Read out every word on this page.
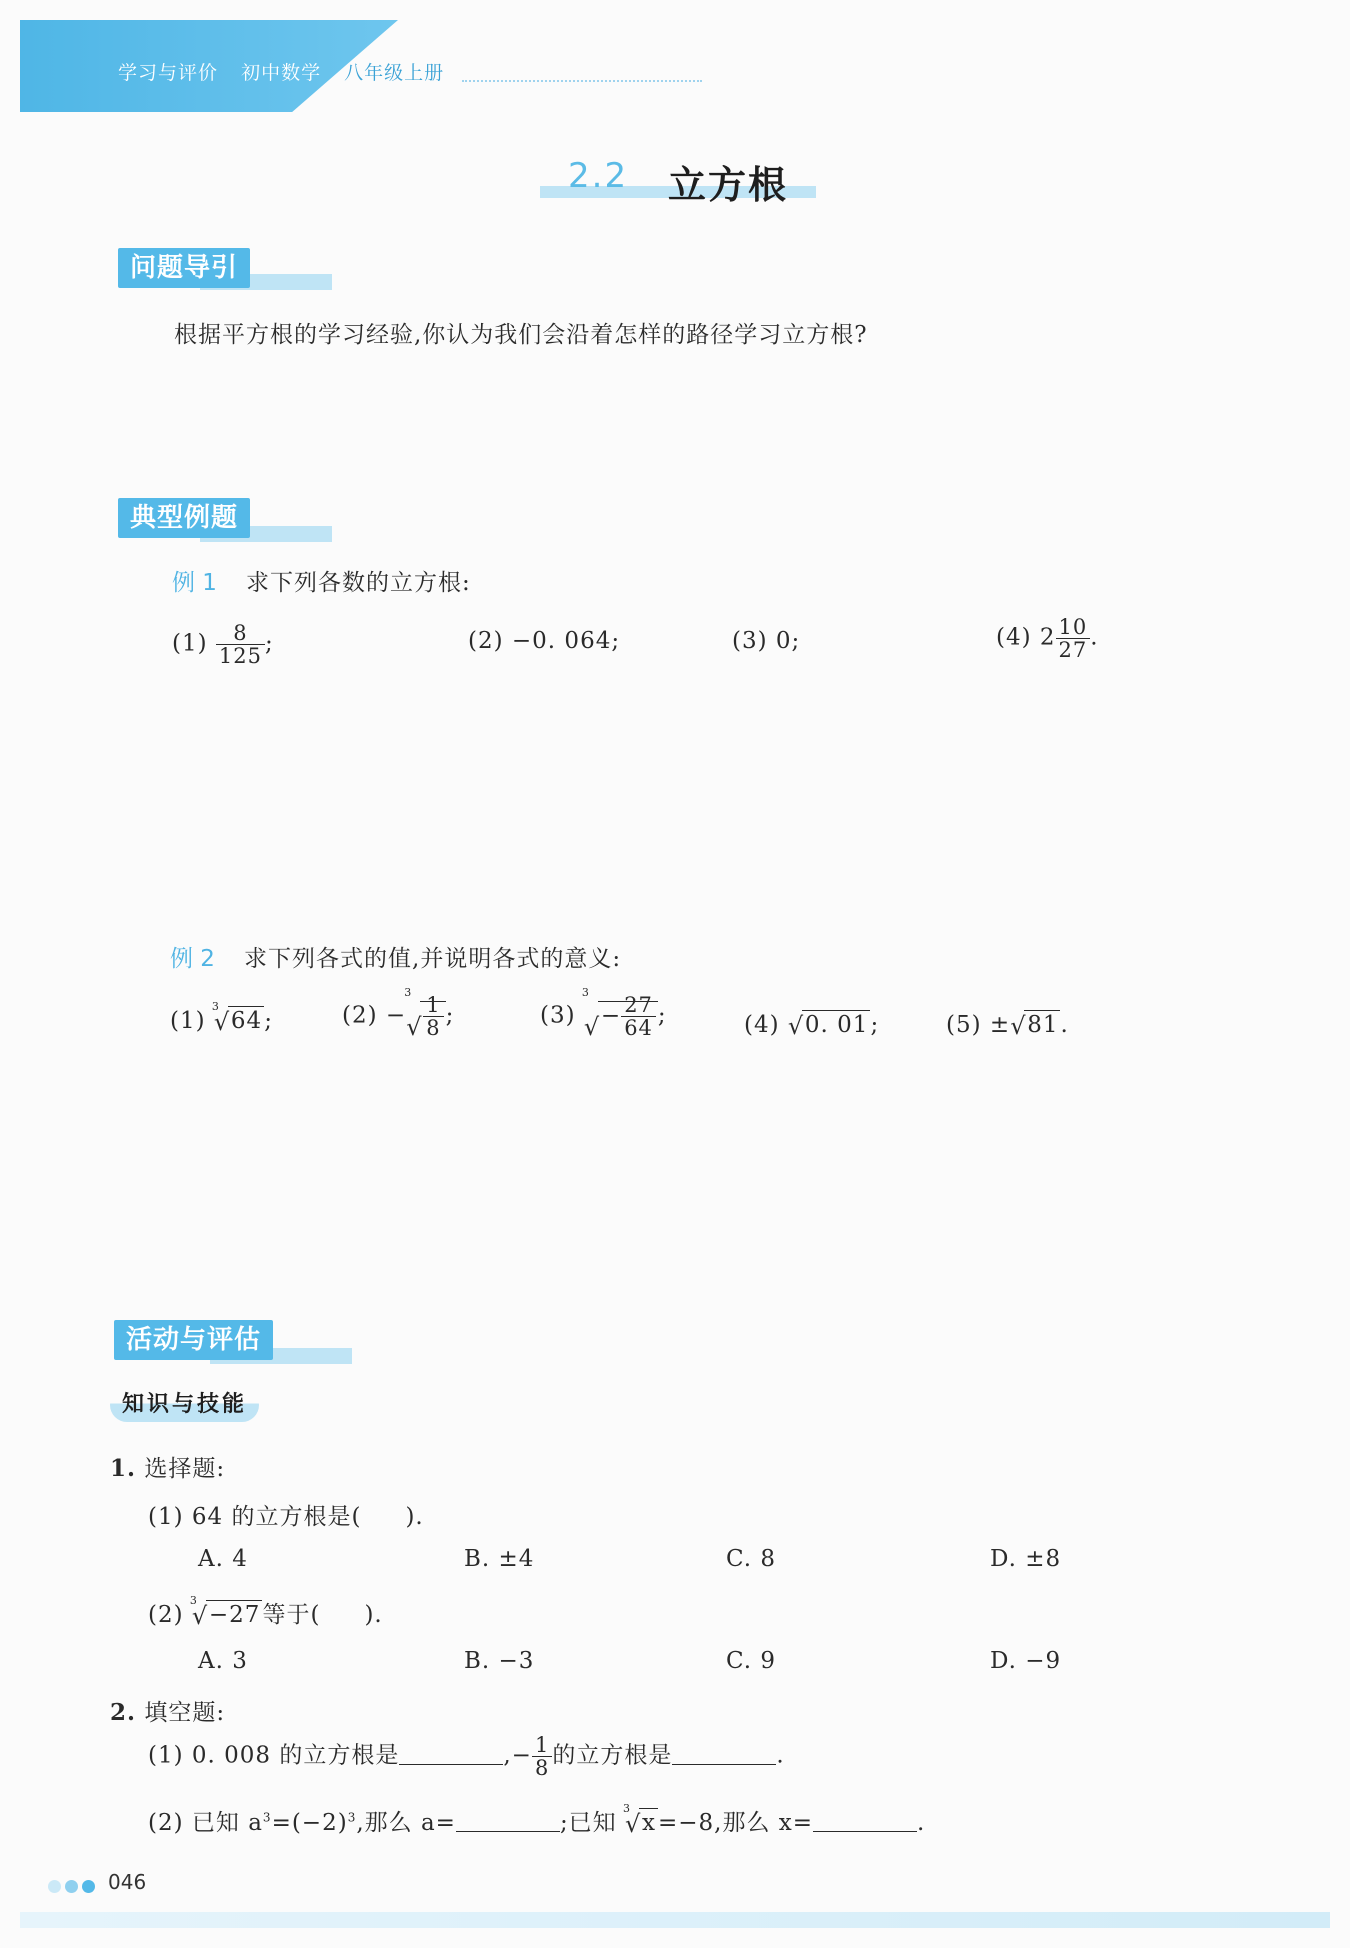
学习与评价 初中数学 八年级上册
2.2 立方根
问题导引
根据平方根的学习经验,你认为我们会沿着怎样的路径学习立方根?
典型例题
例 1 求下列各数的立方根:
$(1) \frac{8}{125}$ ;	(2) −0. 064;	(3) 0;	(4) $2 \frac{10}{27}$ .
例 2 求下列各式的值,并说明各式的意义:
(1)
3
√ 64;	(2) −
3
√ $\frac{1}{8}$ ;	(3)
3
√ − $\frac{27}{64}$ ;	(4) √ 0. 01;	(5) ± √ 81.
活动与评估
知识与技能
1. 选择题:
(1) 64 的立方根是( ).
A. 4	B. ±4	C. 8	D. ±8
(2)
3
√ −27等于( ).
A. 3	B. −3	C. 9	D. −9
2. 填空题:
(1) 0. 008 的立方根是	,− $\frac{1}{8}$ 的立方根是	.
(2) 已知 $a^3=(-2)^3$,那么 a=	;已知
3
√ x=−8,那么 x=	.
046
